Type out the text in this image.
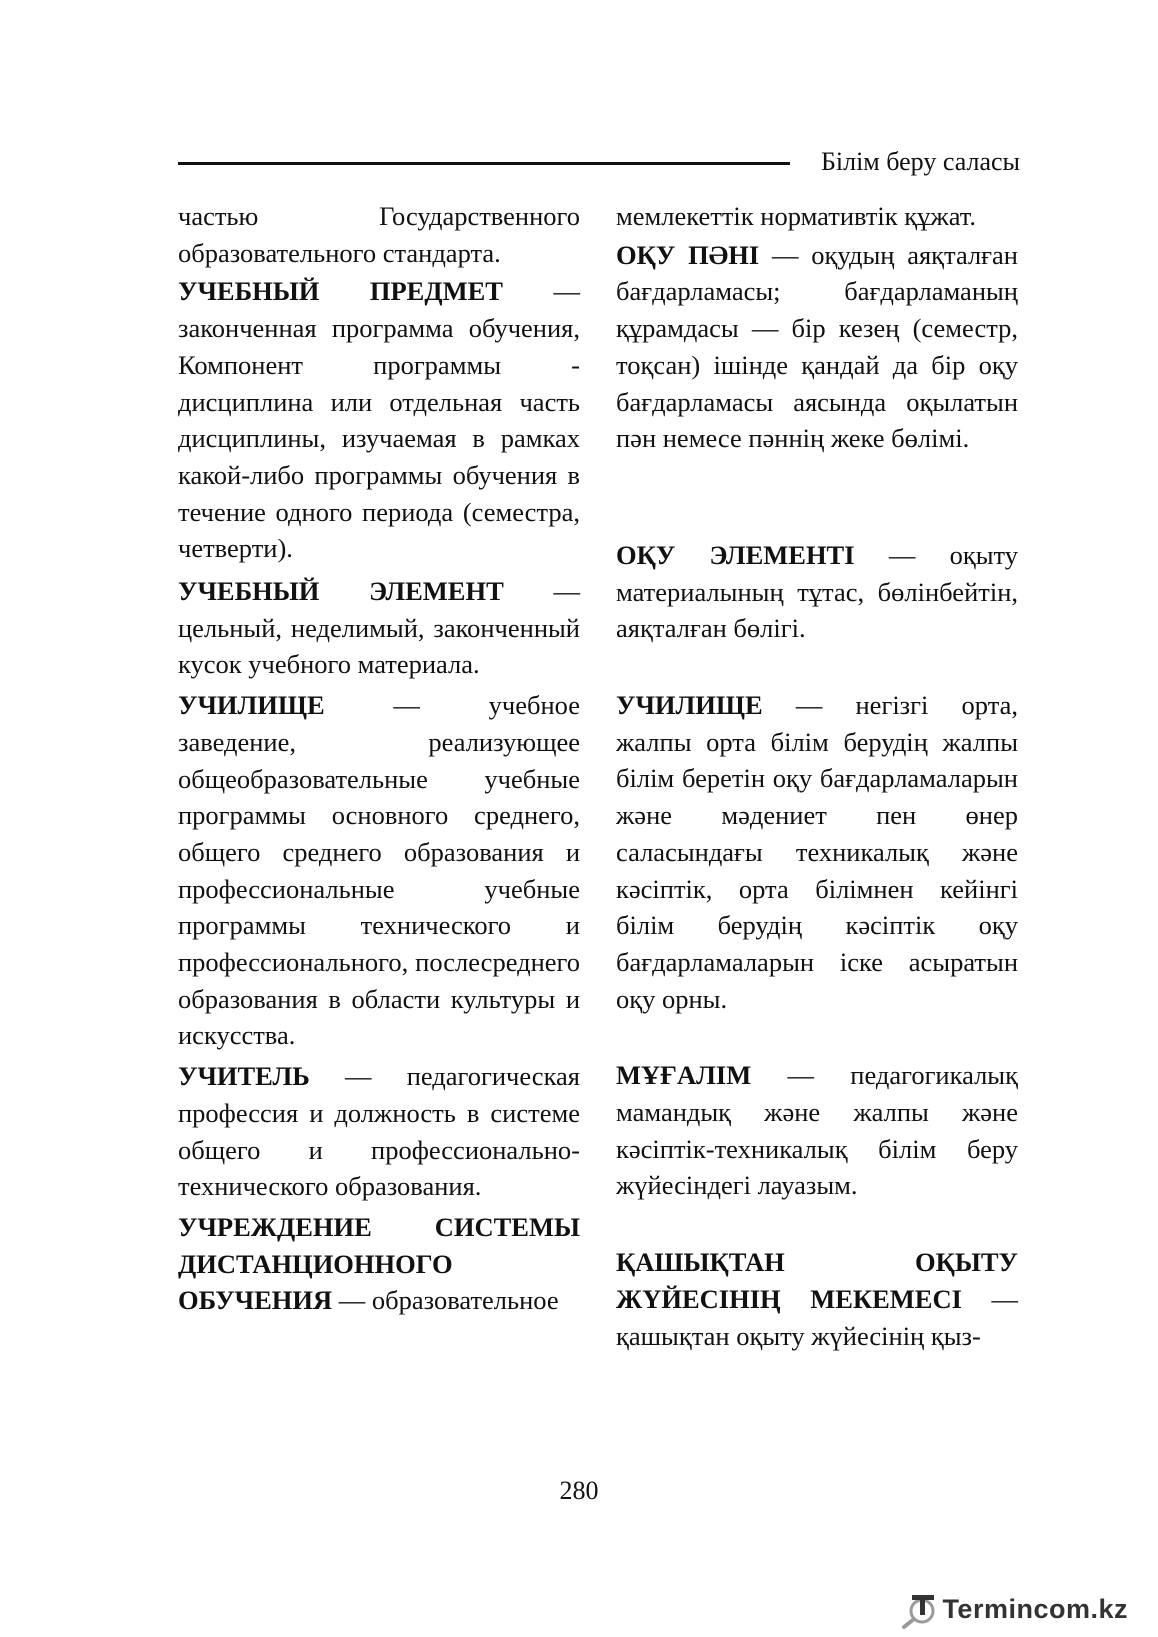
Білім беру саласы

частью Государственного образовательного стандарта.

УЧЕБНЫЙ ПРЕДМЕТ — законченная программа обучения, Компонент программы - дисциплина или отдельная часть дисциплины, изучаемая в рамках какой-либо программы обучения в течение одного периода (семестра, четверти).

УЧЕБНЫЙ ЭЛЕМЕНТ — цельный, неделимый, законченный кусок учебного материала.

УЧИЛИЩЕ — учебное заведение, реализующее общеобразовательные учебные программы основного среднего, общего среднего образования и профессиональные учебные программы технического и профессионального, послесреднего образования в области культуры и искусства.

УЧИТЕЛЬ — педагогическая профессия и должность в системе общего и профессионально-технического образования.

УЧРЕЖДЕНИЕ СИСТЕМЫ ДИСТАНЦИОННОГО ОБУЧЕНИЯ — образовательное

мемлекеттік нормативтік құжат.

ОҚУ ПӘНІ — оқудың аяқталған бағдарламасы; бағдарламаның құрамдасы — бір кезең (семестр, тоқсан) ішінде қандай да бір оқу бағдарламасы аясында оқылатын пән немесе пәннің жеке бөлімі.

ОҚУ ЭЛЕМЕНТІ — оқыту материалының тұтас, бөлінбейтін, аяқталған бөлігі.

УЧИЛИЩЕ — негізгі орта, жалпы орта білім берудің жалпы білім беретін оқу бағдарламаларын және мәдениет пен өнер саласындағы техникалық және кәсіптік, орта білімнен кейінгі білім берудің кәсіптік оқу бағдарламаларын іске асыратын оқу орны.

МҰҒАЛІМ — педагогикалық мамандық және жалпы және кәсіптік-техникалық білім беру жүйесіндегі лауазым.

ҚАШЫҚТАН ОҚЫТУ ЖҮЙЕСІНІҢ МЕКЕМЕСІ — қашықтан оқыту жүйесінің қыз-

280
Termincom.kz
